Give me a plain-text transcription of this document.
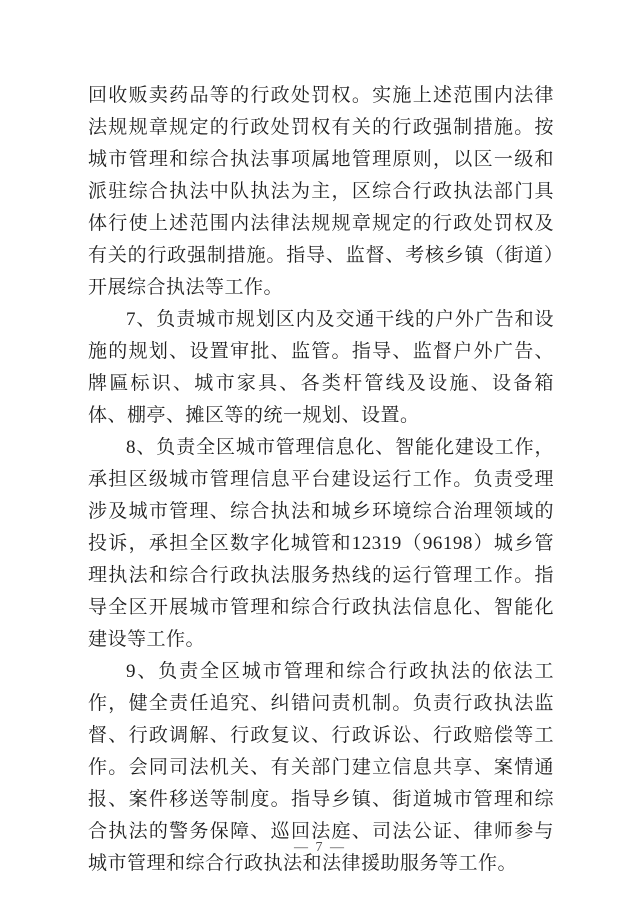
回收贩卖药品等的行政处罚权。实施上述范围内法律法规规章规定的行政处罚权有关的行政强制措施。按城市管理和综合执法事项属地管理原则，以区一级和派驻综合执法中队执法为主，区综合行政执法部门具体行使上述范围内法律法规规章规定的行政处罚权及有关的行政强制措施。指导、监督、考核乡镇（街道）开展综合执法等工作。

7、负责城市规划区内及交通干线的户外广告和设施的规划、设置审批、监管。指导、监督户外广告、牌匾标识、城市家具、各类杆管线及设施、设备箱体、棚亭、摊区等的统一规划、设置。

8、负责全区城市管理信息化、智能化建设工作，承担区级城市管理信息平台建设运行工作。负责受理涉及城市管理、综合执法和城乡环境综合治理领域的投诉，承担全区数字化城管和12319（96198）城乡管理执法和综合行政执法服务热线的运行管理工作。指导全区开展城市管理和综合行政执法信息化、智能化建设等工作。

9、负责全区城市管理和综合行政执法的依法工作，健全责任追究、纠错问责机制。负责行政执法监督、行政调解、行政复议、行政诉讼、行政赔偿等工作。会同司法机关、有关部门建立信息共享、案情通报、案件移送等制度。指导乡镇、街道城市管理和综合执法的警务保障、巡回法庭、司法公证、律师参与城市管理和综合行政执法和法律援助服务等工作。

— 7 —
